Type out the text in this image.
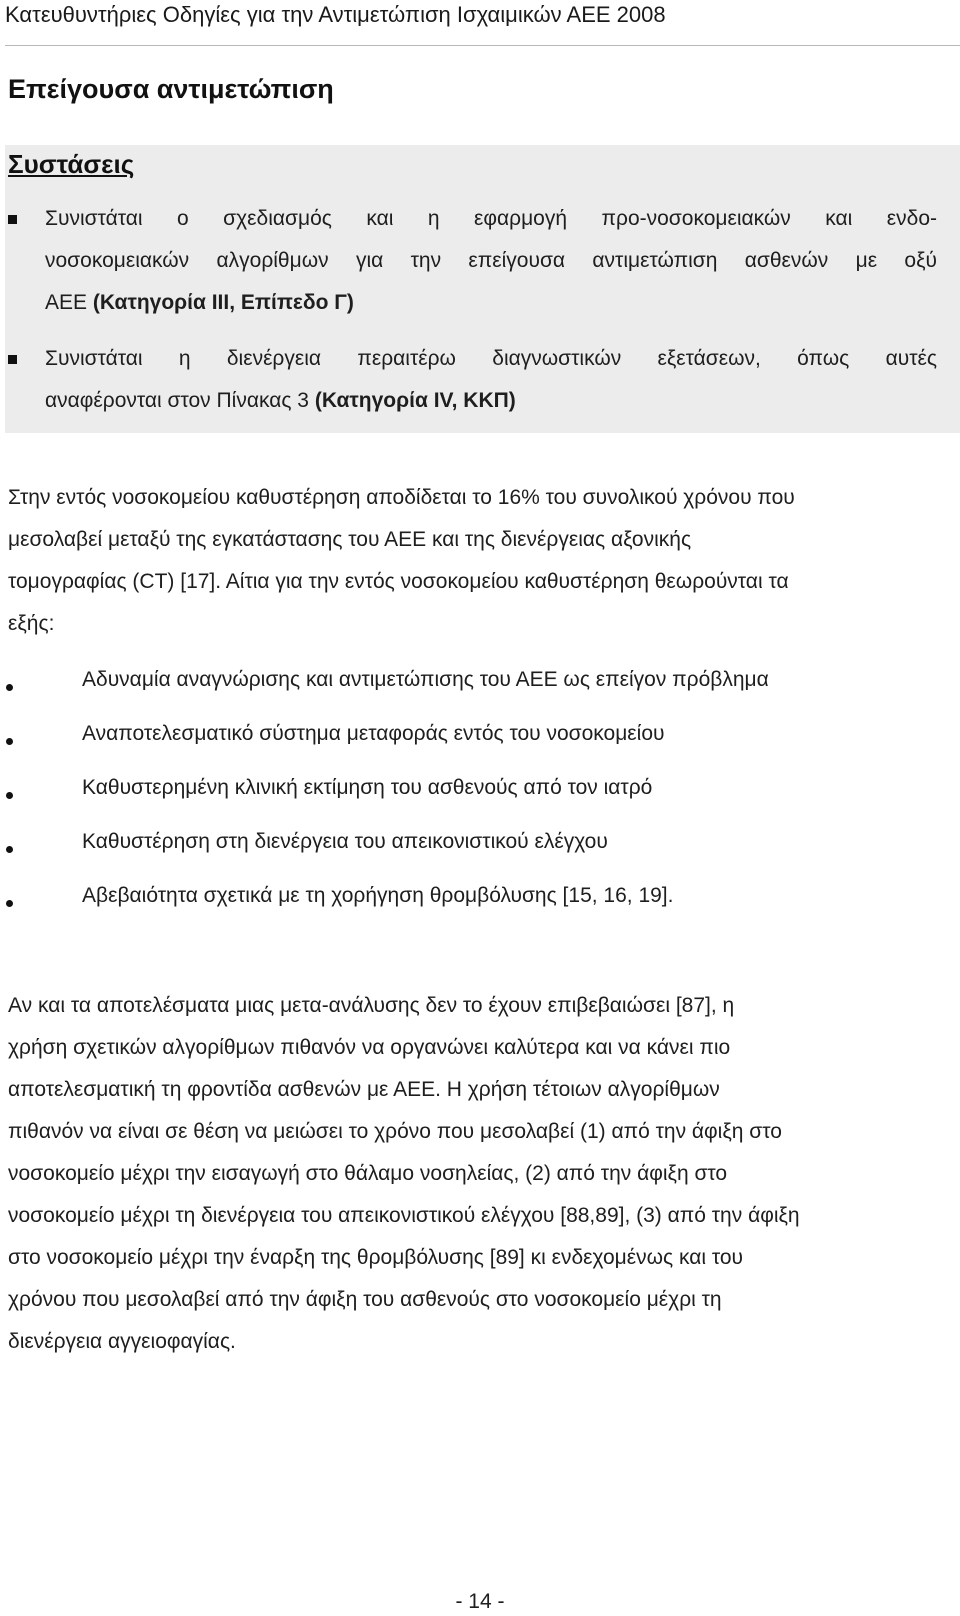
Κατευθυντήριες Οδηγίες για την Αντιμετώπιση Ισχαιμικών ΑΕΕ 2008
Επείγουσα αντιμετώπιση
Συστάσεις
Συνιστάται ο σχεδιασμός και η εφαρμογή προ-νοσοκομειακών και ενδο-
νοσοκομειακών αλγορίθμων για την επείγουσα αντιμετώπιση ασθενών με οξύ
ΑΕΕ (Κατηγορία ΙΙΙ, Επίπεδο Γ)
Συνιστάται η διενέργεια περαιτέρω διαγνωστικών εξετάσεων, όπως αυτές
αναφέρονται στον Πίνακας 3 (Κατηγορία IV, ΚΚΠ)
Στην εντός νοσοκομείου καθυστέρηση αποδίδεται το 16% του συνολικού χρόνου που
μεσολαβεί μεταξύ της εγκατάστασης του ΑΕΕ και της διενέργειας αξονικής
τομογραφίας (CT) [17]. Αίτια για την εντός νοσοκομείου καθυστέρηση θεωρούνται τα
εξής:
Αδυναμία αναγνώρισης και αντιμετώπισης του ΑΕΕ ως επείγον πρόβλημα
Αναποτελεσματικό σύστημα μεταφοράς εντός του νοσοκομείου
Καθυστερημένη κλινική εκτίμηση του ασθενούς από τον ιατρό
Καθυστέρηση στη διενέργεια του απεικονιστικού ελέγχου
Αβεβαιότητα σχετικά με τη χορήγηση θρομβόλυσης [15, 16, 19].
Αν και τα αποτελέσματα μιας μετα-ανάλυσης δεν το έχουν επιβεβαιώσει [87], η
χρήση σχετικών αλγορίθμων πιθανόν να οργανώνει καλύτερα και να κάνει πιο
αποτελεσματική τη φροντίδα ασθενών με ΑΕΕ. Η χρήση τέτοιων αλγορίθμων
πιθανόν να είναι σε θέση να μειώσει το χρόνο που μεσολαβεί (1) από την άφιξη στο
νοσοκομείο μέχρι την εισαγωγή στο θάλαμο νοσηλείας, (2) από την άφιξη στο
νοσοκομείο μέχρι τη διενέργεια του απεικονιστικού ελέγχου [88,89], (3) από την άφιξη
στο νοσοκομείο μέχρι την έναρξη της θρομβόλυσης [89] κι ενδεχομένως και του
χρόνου που μεσολαβεί από την άφιξη του ασθενούς στο νοσοκομείο μέχρι τη
διενέργεια αγγειοφαγίας.
- 14 -
